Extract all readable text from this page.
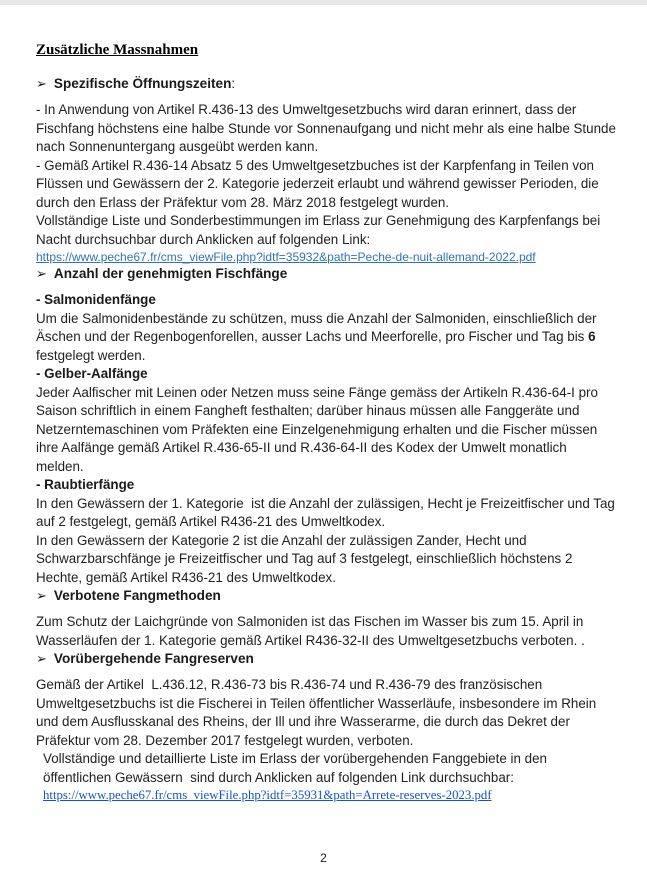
Zusätzliche Massnahmen

➢ Spezifische Öffnungszeiten:

- In Anwendung von Artikel R.436-13 des Umweltgesetzbuchs wird daran erinnert, dass der Fischfang höchstens eine halbe Stunde vor Sonnenaufgang und nicht mehr als eine halbe Stunde nach Sonnenuntergang ausgeübt werden kann.

- Gemäß Artikel R.436-14 Absatz 5 des Umweltgesetzbuches ist der Karpfenfang in Teilen von Flüssen und Gewässern der 2. Kategorie jederzeit erlaubt und während gewisser Perioden, die durch den Erlass der Präfektur vom 28. März 2018 festgelegt wurden.

Vollständige Liste und Sonderbestimmungen im Erlass zur Genehmigung des Karpfenfangs bei Nacht durchsuchbar durch Anklicken auf folgenden Link:

https://www.peche67.fr/cms_viewFile.php?idtf=35932&path=Peche-de-nuit-allemand-2022.pdf

➢ Anzahl der genehmigten Fischfänge

- Salmonidenfänge

Um die Salmonidenbestände zu schützen, muss die Anzahl der Salmoniden, einschließlich der Äschen und der Regenbogenforellen, ausser Lachs und Meerforelle, pro Fischer und Tag bis 6 festgelegt werden.

- Gelber-Aalfänge

Jeder Aalfischer mit Leinen oder Netzen muss seine Fänge gemäss der Artikeln R.436-64-I pro Saison schriftlich in einem Fangheft festhalten; darüber hinaus müssen alle Fanggeräte und Netzerntemaschinen vom Präfekten eine Einzelgenehmigung erhalten und die Fischer müssen ihre Aalfänge gemäß Artikel R.436-65-II und R.436-64-II des Kodex der Umwelt monatlich melden.

- Raubtierfänge

In den Gewässern der 1. Kategorie  ist die Anzahl der zulässigen, Hecht je Freizeitfischer und Tag auf 2 festgelegt, gemäß Artikel R436-21 des Umweltkodex.

In den Gewässern der Kategorie 2 ist die Anzahl der zulässigen Zander, Hecht und Schwarzbarschfänge je Freizeitfischer und Tag auf 3 festgelegt, einschließlich höchstens 2 Hechte, gemäß Artikel R436-21 des Umweltkodex.

➢ Verbotene Fangmethoden

Zum Schutz der Laichgründe von Salmoniden ist das Fischen im Wasser bis zum 15. April in Wasserläufen der 1. Kategorie gemäß Artikel R436-32-II des Umweltgesetzbuchs verboten. .

➢ Vorübergehende Fangreserven

Gemäß der Artikel  L.436.12, R.436-73 bis R.436-74 und R.436-79 des französischen Umweltgesetzbuchs ist die Fischerei in Teilen öffentlicher Wasserläufe, insbesondere im Rhein und dem Ausflusskanal des Rheins, der Ill und ihre Wasserarme, die durch das Dekret der Präfektur vom 28. Dezember 2017 festgelegt wurden, verboten.

Vollständige und detaillierte Liste im Erlass der vorübergehenden Fanggebiete in den öffentlichen Gewässern  sind durch Anklicken auf folgenden Link durchsuchbar:

https://www.peche67.fr/cms_viewFile.php?idtf=35931&path=Arrete-reserves-2023.pdf

2
